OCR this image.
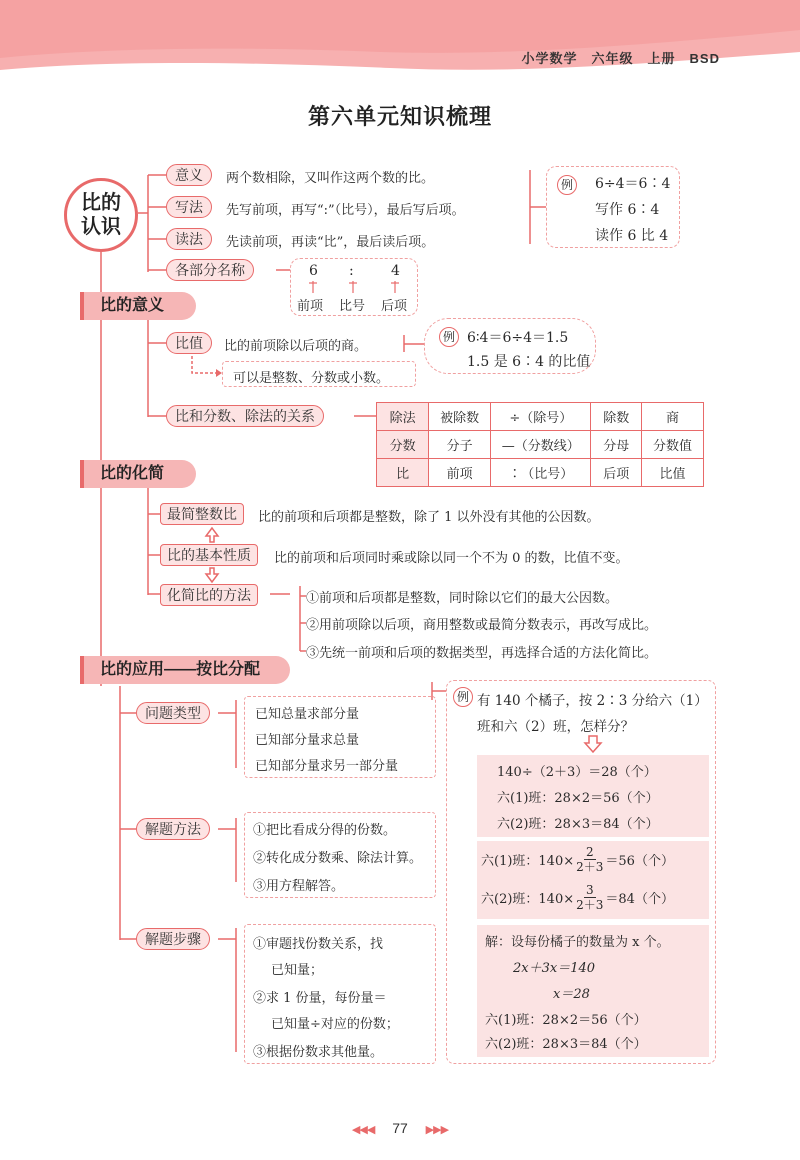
小学数学　六年级　上册　BSD
第六单元知识梳理
比的
认识
比的意义
意义	两个数相除，又叫作这两个数的比。
写法	先写前项，再写“:”（比号），最后写后项。
读法	先读前项，再读“比”，最后读后项。
各部分名称	6 :	4
前项 比号 后项
例 6÷4＝6∶4
写作 6∶4
读作 6 比 4
比值	比的前项除以后项的商。
可以是整数、分数或小数。
例 6∶4＝6÷4＝1.5
1.5 是 6∶4 的比值
比和分数、除法的关系	除法	被除数	÷（除号）	除数	商
分数	分子	—（分数线）	分母	分数值
比	前项	∶（比号）	后项	比值
比的化简
最简整数比	比的前项和后项都是整数，除了 1 以外没有其他的公因数。
比的基本性质	比的前项和后项同时乘或除以同一个不为 0 的数，比值不变。
化简比的方法	①前项和后项都是整数，同时除以它们的最大公因数。
②用前项除以后项，商用整数或最简分数表示，再改写成比。
③先统一前项和后项的数据类型，再选择合适的方法化简比。
比的应用——按比分配
问题类型	已知总量求部分量
已知部分量求总量
已知部分量求另一部分量
解题方法	①把比看成分得的份数。
②转化成分数乘、除法计算。
③用方程解答。
解题步骤	①审题找份数关系，找
已知量；
②求 1 份量，每份量＝
已知量÷对应的份数；
③根据份数求其他量。
例 有 140 个橘子，按 2∶3 分给六（1）
班和六（2）班，怎样分？
140÷（2＋3）＝28（个）
六(1)班：28×2＝56（个）
六(2)班：28×3＝84（个）
六(1)班：$140\times \frac{2}{2+3} =56$（个）
六(2)班：$140\times \frac{3}{2+3} =84$（个）
解：设每份橘子的数量为 x 个。
2x＋3x＝140
x＝28
六(1)班：28×2＝56（个）
六(2)班：28×3＝84（个）
◀◀◀ 77 ▶▶▶
